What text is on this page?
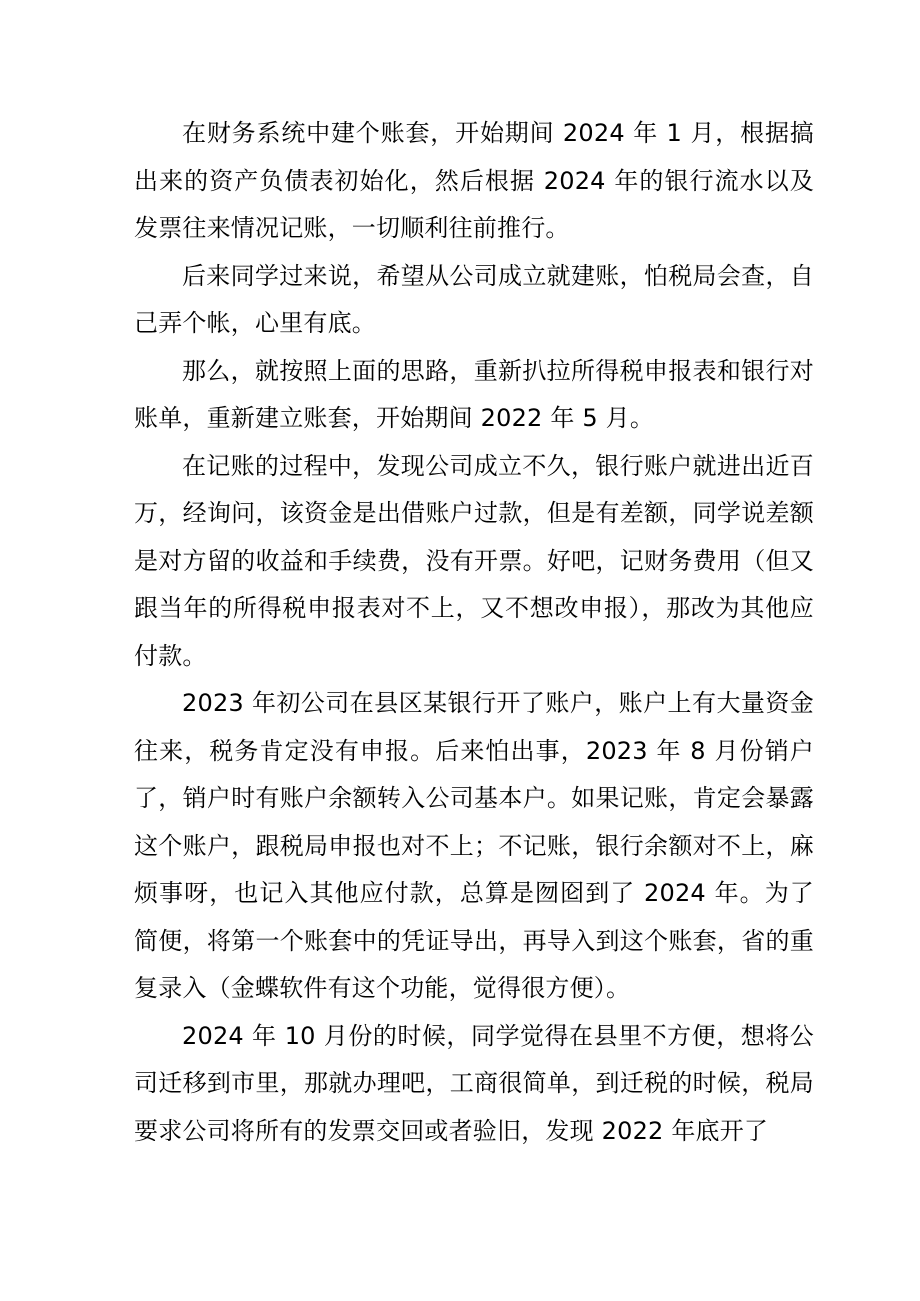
在财务系统中建个账套，开始期间 2024 年 1 月，根据搞出来的资产负债表初始化，然后根据 2024 年的银行流水以及发票往来情况记账，一切顺利往前推行。

后来同学过来说，希望从公司成立就建账，怕税局会查，自己弄个帐，心里有底。

那么，就按照上面的思路，重新扒拉所得税申报表和银行对账单，重新建立账套，开始期间 2022 年 5 月。

在记账的过程中，发现公司成立不久，银行账户就进出近百万，经询问，该资金是出借账户过款，但是有差额，同学说差额是对方留的收益和手续费，没有开票。好吧，记财务费用（但又跟当年的所得税申报表对不上，又不想改申报），那改为其他应付款。

2023 年初公司在县区某银行开了账户，账户上有大量资金往来，税务肯定没有申报。后来怕出事，2023 年 8 月份销户了，销户时有账户余额转入公司基本户。如果记账，肯定会暴露这个账户，跟税局申报也对不上；不记账，银行余额对不上，麻烦事呀，也记入其他应付款，总算是囫囵到了 2024 年。为了简便，将第一个账套中的凭证导出，再导入到这个账套，省的重复录入（金蝶软件有这个功能，觉得很方便）。

2024 年 10 月份的时候，同学觉得在县里不方便，想将公司迁移到市里，那就办理吧，工商很简单，到迁税的时候，税局要求公司将所有的发票交回或者验旧，发现 2022 年底开了
